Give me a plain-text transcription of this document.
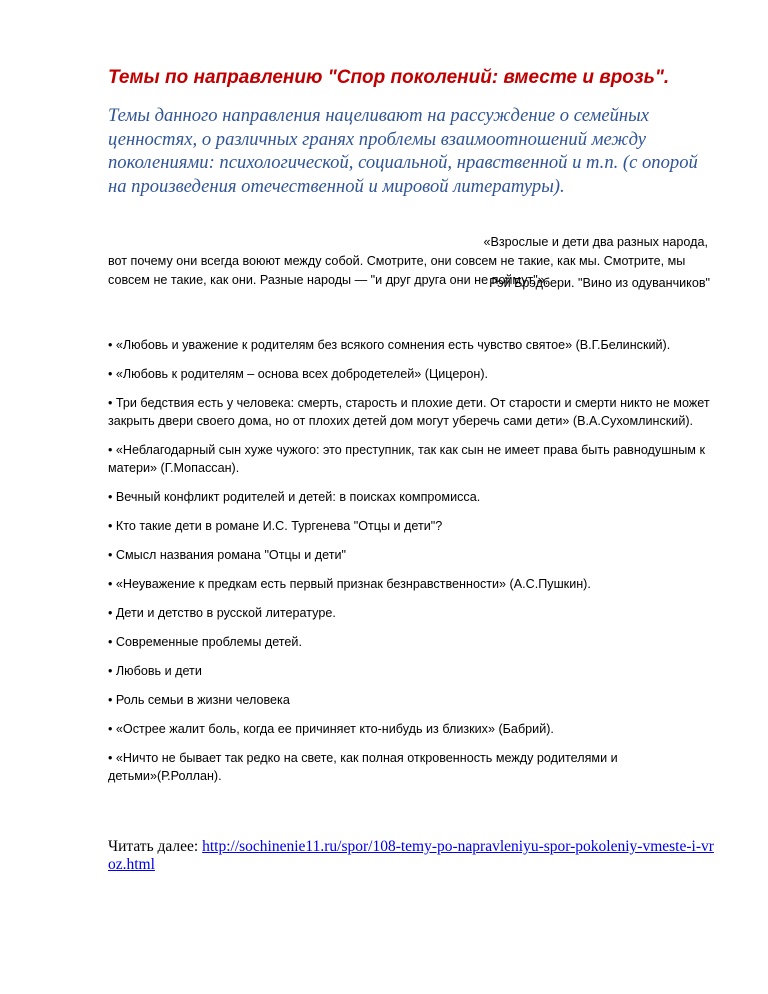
Темы по направлению "Спор поколений: вместе и врозь".

Темы данного направления нацеливают на рассуждение о семейных ценностях, о различных гранях проблемы взаимоотношений между поколениями: психологической, социальной, нравственной и т.п. (с опорой на произведения отечественной и мировой литературы).

«Взрослые и дети два разных народа,
вот почему они всегда воюют между собой. Смотрите, они совсем не такие, как мы. Смотрите, мы совсем не такие, как они. Разные народы — "и друг друга они не поймут"».

Рэй Брэдбери. "Вино из одуванчиков"

• «Любовь и уважение к родителям без всякого сомнения есть чувство святое» (В.Г.Белинский).
• «Любовь к родителям – основа всех добродетелей» (Цицерон).
• Три бедствия есть у человека: смерть, старость и плохие дети. От старости и смерти никто не может закрыть двери своего дома, но от плохих детей дом могут уберечь сами дети» (В.А.Сухомлинский).
• «Неблагодарный сын хуже чужого: это преступник, так как сын не имеет права быть равнодушным к матери» (Г.Мопассан).
• Вечный конфликт родителей и детей: в поисках компромисса.
• Кто такие дети в романе И.С. Тургенева "Отцы и дети"?
• Смысл названия романа "Отцы и дети"
• «Неуважение к предкам есть первый признак безнравственности» (А.С.Пушкин).
• Дети и детство в русской литературе.
• Современные проблемы детей.
• Любовь и дети
• Роль семьи в жизни человека
• «Острее жалит боль, когда ее причиняет кто-нибудь из близких» (Бабрий).
• «Ничто не бывает так редко на свете, как полная откровенность между родителями и детьми»(Р.Роллан).

Читать далее: http://sochinenie11.ru/spor/108-temy-po-napravleniyu-spor-pokoleniy-vmeste-i-vroz.html
